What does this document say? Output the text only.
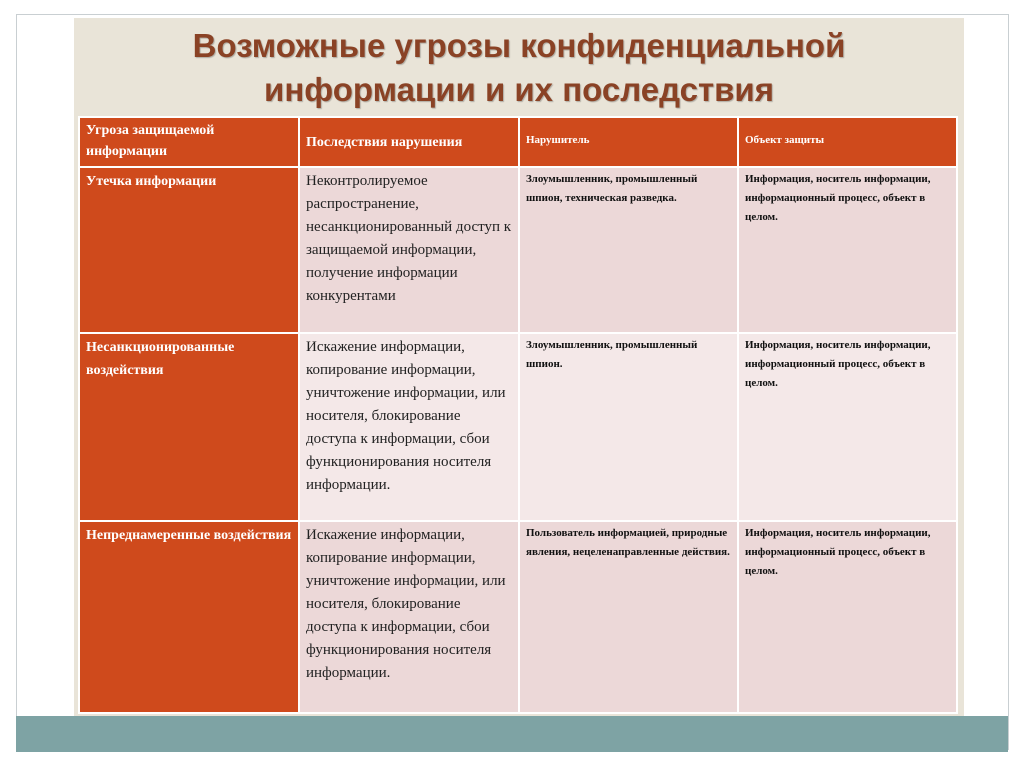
Возможные угрозы конфиденциальной
информации и их последствия
Угроза защищаемой информации	Последствия нарушения	Нарушитель	Объект защиты
Утечка информации	Неконтролируемое распространение, несанкционированный доступ к защищаемой информации, получение информации конкурентами	Злоумышленник, промышленный шпион, техническая разведка.	Информация, носитель информации, информационный процесс, объект в целом.
Несанкционированные воздействия	Искажение информации, копирование информации, уничтожение информации, или носителя, блокирование доступа к информации, сбои функционирования носителя информации.	Злоумышленник, промышленный шпион.	Информация, носитель информации, информационный процесс, объект в целом.
Непреднамеренные воздействия	Искажение информации, копирование информации, уничтожение информации, или носителя, блокирование доступа к информации, сбои функционирования носителя информации.	Пользователь информацией, природные явления, нецеленаправленные действия.	Информация, носитель информации, информационный процесс, объект в целом.
